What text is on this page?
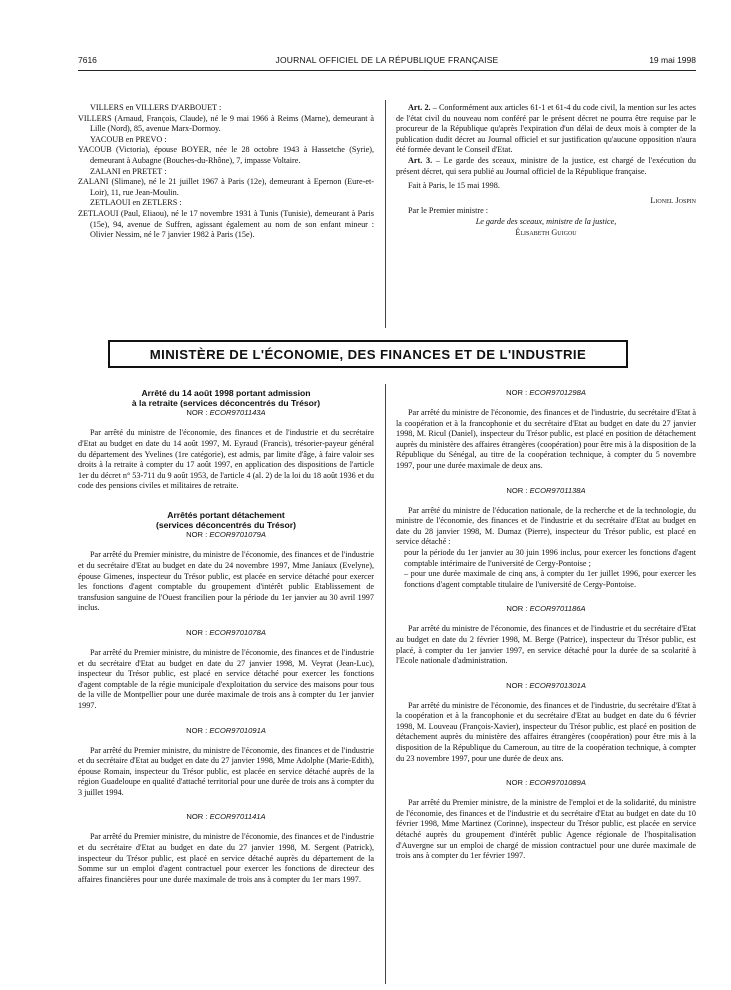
7616	JOURNAL OFFICIEL DE LA RÉPUBLIQUE FRANÇAISE	19 mai 1998
VILLERS en VILLERS D'ARBOUET :
VILLERS (Arnaud, François, Claude), né le 9 mai 1966 à Reims (Marne), demeurant à Lille (Nord), 85, avenue Marx-Dormoy.
YACOUB en PREVO :
YACOUB (Victoria), épouse BOYER, née le 28 octobre 1943 à Hassetche (Syrie), demeurant à Aubagne (Bouches-du-Rhône), 7, impasse Voltaire.
ZALANI en PRETET :
ZALANI (Slimane), né le 21 juillet 1967 à Paris (12e), demeurant à Epernon (Eure-et-Loir), 11, rue Jean-Moulin.
ZETLAOUI en ZETLERS :
ZETLAOUI (Paul, Eliaou), né le 17 novembre 1931 à Tunis (Tunisie), demeurant à Paris (15e), 94, avenue de Suffren, agissant également au nom de son enfant mineur : Olivier Nessim, né le 7 janvier 1982 à Paris (15e).
Art. 2. – Conformément aux articles 61-1 et 61-4 du code civil, la mention sur les actes de l'état civil du nouveau nom conféré par le présent décret ne pourra être requise par le procureur de la République qu'après l'expiration d'un délai de deux mois à compter de la publication dudit décret au Journal officiel et sur justification qu'aucune opposition n'aura été formée devant le Conseil d'Etat.
Art. 3. – Le garde des sceaux, ministre de la justice, est chargé de l'exécution du présent décret, qui sera publié au Journal officiel de la République française.
Fait à Paris, le 15 mai 1998.
Lionel Jospin
Par le Premier ministre :
Le garde des sceaux, ministre de la justice,
Élisabeth Guigou
MINISTÈRE DE L'ÉCONOMIE, DES FINANCES ET DE L'INDUSTRIE
Arrêté du 14 août 1998 portant admission
à la retraite (services déconcentrés du Trésor)
NOR : ECOR9701143A
Par arrêté du ministre de l'économie, des finances et de l'industrie et du secrétaire d'Etat au budget en date du 14 août 1997, M. Eyraud (Francis), trésorier-payeur général du département des Yvelines (1re catégorie), est admis, par limite d'âge, à faire valoir ses droits à la retraite à compter du 17 août 1997, en application des dispositions de l'article 1er du décret n° 53-711 du 9 août 1953, de l'article 4 (al. 2) de la loi du 18 août 1936 et du code des pensions civiles et militaires de retraite.
Arrêtés portant détachement
(services déconcentrés du Trésor)
NOR : ECOR9701079A
Par arrêté du Premier ministre, du ministre de l'économie, des finances et de l'industrie et du secrétaire d'Etat au budget en date du 24 novembre 1997, Mme Janiaux (Evelyne), épouse Gimenes, inspecteur du Trésor public, est placée en service détaché pour exercer les fonctions d'agent comptable du groupement d'intérêt public Etablissement de transfusion sanguine de l'Ouest francilien pour la période du 1er janvier au 30 avril 1997 inclus.
NOR : ECOR9701078A
Par arrêté du Premier ministre, du ministre de l'économie, des finances et de l'industrie et du secrétaire d'Etat au budget en date du 27 janvier 1998, M. Veyrat (Jean-Luc), inspecteur du Trésor public, est placé en service détaché pour exercer les fonctions d'agent comptable de la régie municipale d'exploitation du service des maisons pour tous de la ville de Montpellier pour une durée maximale de trois ans à compter du 1er janvier 1997.
NOR : ECOR9701091A
Par arrêté du Premier ministre, du ministre de l'économie, des finances et de l'industrie et du secrétaire d'Etat au budget en date du 27 janvier 1998, Mme Adolphe (Marie-Edith), épouse Romain, inspecteur du Trésor public, est placée en service détaché auprès de la région Guadeloupe en qualité d'attaché territorial pour une durée de trois ans à compter du 3 juillet 1994.
NOR : ECOR9701141A
Par arrêté du Premier ministre, du ministre de l'économie, des finances et de l'industrie et du secrétaire d'Etat au budget en date du 27 janvier 1998, M. Sergent (Patrick), inspecteur du Trésor public, est placé en service détaché auprès du département de la Somme sur un emploi d'agent contractuel pour exercer les fonctions de directeur des affaires financières pour une durée maximale de trois ans à compter du 1er mars 1997.
NOR : ECOR9701298A
Par arrêté du ministre de l'économie, des finances et de l'industrie, du secrétaire d'Etat à la coopération et à la francophonie et du secrétaire d'Etat au budget en date du 27 janvier 1998, M. Ricul (Daniel), inspecteur du Trésor public, est placé en position de détachement auprès du ministère des affaires étrangères (coopération) pour être mis à la disposition de la République du Sénégal, au titre de la coopération technique, à compter du 5 novembre 1997, pour une durée maximale de deux ans.
NOR : ECOR9701138A
Par arrêté du ministre de l'éducation nationale, de la recherche et de la technologie, du ministre de l'économie, des finances et de l'industrie et du secrétaire d'Etat au budget en date du 28 janvier 1998, M. Dumaz (Pierre), inspecteur du Trésor public, est placé en service détaché :
pour la période du 1er janvier au 30 juin 1996 inclus, pour exercer les fonctions d'agent comptable intérimaire de l'université de Cergy-Pontoise ;
– pour une durée maximale de cinq ans, à compter du 1er juillet 1996, pour exercer les fonctions d'agent comptable titulaire de l'université de Cergy-Pontoise.
NOR : ECOR9701186A
Par arrêté du ministre de l'économie, des finances et de l'industrie et du secrétaire d'Etat au budget en date du 2 février 1998, M. Berge (Patrice), inspecteur du Trésor public, est placé, à compter du 1er janvier 1997, en service détaché pour la durée de sa scolarité à l'Ecole nationale d'administration.
NOR : ECOR9701301A
Par arrêté du ministre de l'économie, des finances et de l'industrie, du secrétaire d'Etat à la coopération et à la francophonie et du secrétaire d'Etat au budget en date du 6 février 1998, M. Louveau (François-Xavier), inspecteur du Trésor public, est placé en position de détachement auprès du ministère des affaires étrangères (coopération) pour être mis à la disposition de la République du Cameroun, au titre de la coopération technique, à compter du 23 novembre 1997, pour une durée de deux ans.
NOR : ECOR9701089A
Par arrêté du Premier ministre, de la ministre de l'emploi et de la solidarité, du ministre de l'économie, des finances et de l'industrie et du secrétaire d'Etat au budget en date du 10 février 1998, Mme Martinez (Corinne), inspecteur du Trésor public, est placée en service détaché auprès du groupement d'intérêt public Agence régionale de l'hospitalisation d'Auvergne sur un emploi de chargé de mission contractuel pour une durée maximale de trois ans à compter du 1er février 1997.
